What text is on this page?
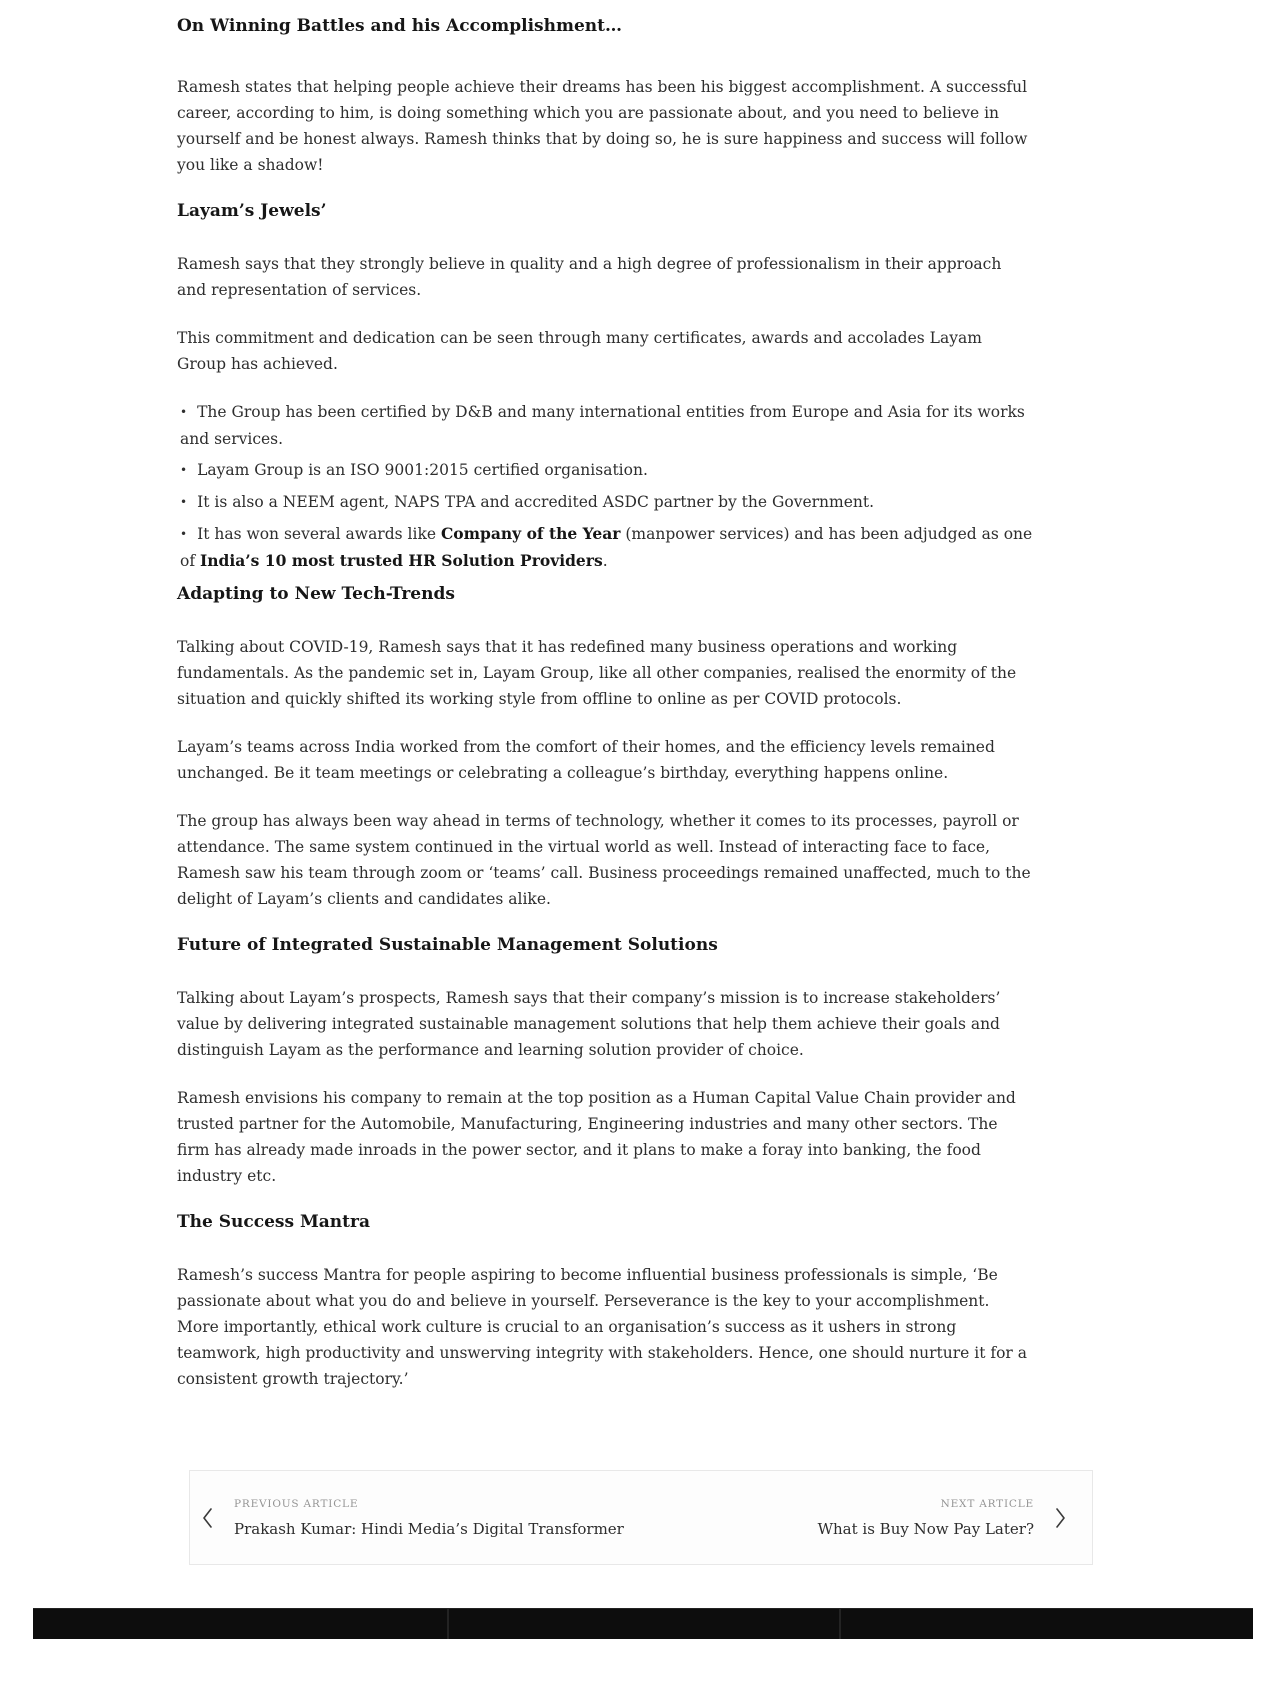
On Winning Battles and his Accomplishment…

Ramesh states that helping people achieve their dreams has been his biggest accomplishment. A successful career, according to him, is doing something which you are passionate about, and you need to believe in yourself and be honest always. Ramesh thinks that by doing so, he is sure happiness and success will follow you like a shadow!

Layam’s Jewels’

Ramesh says that they strongly believe in quality and a high degree of professionalism in their approach and representation of services.

This commitment and dedication can be seen through many certificates, awards and accolades Layam Group has achieved.

• The Group has been certified by D&B and many international entities from Europe and Asia for its works and services.
• Layam Group is an ISO 9001:2015 certified organisation.
• It is also a NEEM agent, NAPS TPA and accredited ASDC partner by the Government.
• It has won several awards like Company of the Year (manpower services) and has been adjudged as one of India’s 10 most trusted HR Solution Providers.
Adapting to New Tech-Trends

Talking about COVID-19, Ramesh says that it has redefined many business operations and working fundamentals. As the pandemic set in, Layam Group, like all other companies, realised the enormity of the situation and quickly shifted its working style from offline to online as per COVID protocols.

Layam’s teams across India worked from the comfort of their homes, and the efficiency levels remained unchanged. Be it team meetings or celebrating a colleague’s birthday, everything happens online.

The group has always been way ahead in terms of technology, whether it comes to its processes, payroll or attendance. The same system continued in the virtual world as well. Instead of interacting face to face, Ramesh saw his team through zoom or ‘teams’ call. Business proceedings remained unaffected, much to the delight of Layam’s clients and candidates alike.

Future of Integrated Sustainable Management Solutions

Talking about Layam’s prospects, Ramesh says that their company’s mission is to increase stakeholders’ value by delivering integrated sustainable management solutions that help them achieve their goals and distinguish Layam as the performance and learning solution provider of choice.

Ramesh envisions his company to remain at the top position as a Human Capital Value Chain provider and trusted partner for the Automobile, Manufacturing, Engineering industries and many other sectors. The firm has already made inroads in the power sector, and it plans to make a foray into banking, the food industry etc.

The Success Mantra

Ramesh’s success Mantra for people aspiring to become influential business professionals is simple, ‘Be passionate about what you do and believe in yourself. Perseverance is the key to your accomplishment. More importantly, ethical work culture is crucial to an organisation’s success as it ushers in strong teamwork, high productivity and unswerving integrity with stakeholders. Hence, one should nurture it for a consistent growth trajectory.’

PREVIOUS ARTICLE
Prakash Kumar: Hindi Media’s Digital Transformer
NEXT ARTICLE
What is Buy Now Pay Later?
